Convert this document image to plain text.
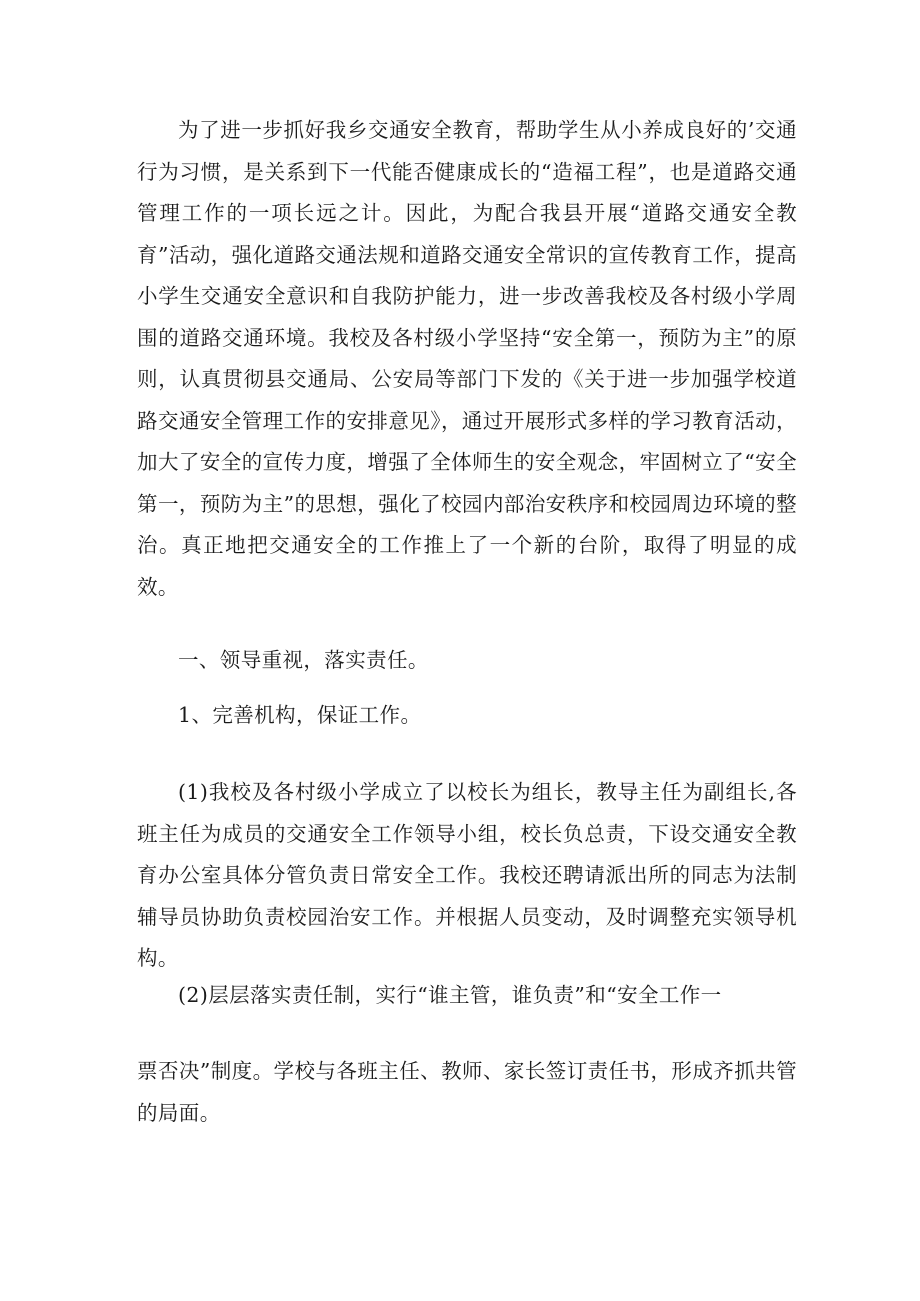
为了进一步抓好我乡交通安全教育，帮助学生从小养成良好的’交通行为习惯，是关系到下一代能否健康成长的“造福工程”，也是道路交通管理工作的一项长远之计。因此，为配合我县开展“道路交通安全教育”活动，强化道路交通法规和道路交通安全常识的宣传教育工作，提高小学生交通安全意识和自我防护能力，进一步改善我校及各村级小学周围的道路交通环境。我校及各村级小学坚持“安全第一，预防为主”的原则，认真贯彻县交通局、公安局等部门下发的《关于进一步加强学校道路交通安全管理工作的安排意见》，通过开展形式多样的学习教育活动，加大了安全的宣传力度，增强了全体师生的安全观念，牢固树立了“安全第一，预防为主”的思想，强化了校园内部治安秩序和校园周边环境的整治。真正地把交通安全的工作推上了一个新的台阶，取得了明显的成效。

一、领导重视，落实责任。

1、完善机构，保证工作。

(1)我校及各村级小学成立了以校长为组长，教导主任为副组长,各班主任为成员的交通安全工作领导小组，校长负总责，下设交通安全教育办公室具体分管负责日常安全工作。我校还聘请派出所的同志为法制辅导员协助负责校园治安工作。并根据人员变动，及时调整充实领导机构。

(2)层层落实责任制，实行“谁主管，谁负责”和“安全工作一

票否决”制度。学校与各班主任、教师、家长签订责任书，形成齐抓共管的局面。
